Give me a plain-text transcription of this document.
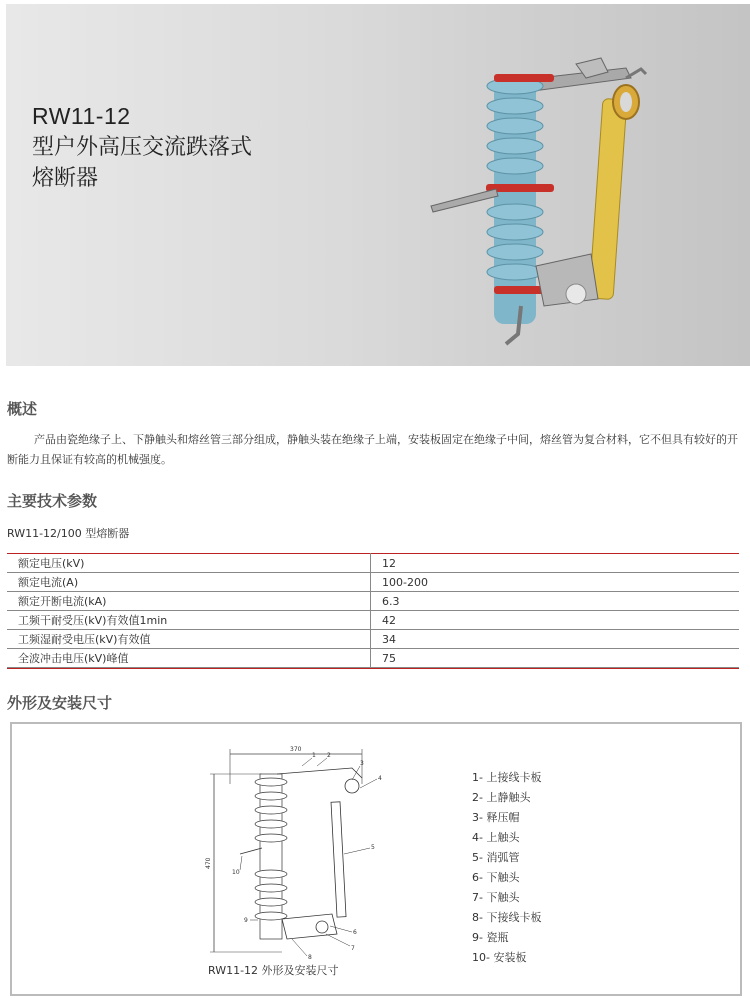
RW11-12
型户外高压交流跌落式
熔断器
概述
产品由瓷绝缘子上、下静触头和熔丝管三部分组成，静触头装在绝缘子上端，安装板固定在绝缘子中间，熔丝管为复合材料，它不但具有较好的开断能力且保证有较高的机械强度。
主要技术参数
RW11-12/100 型熔断器
额定电压(kV)	12
额定电流(A)	100-200
额定开断电流(kA)	6.3
工频干耐受压(kV)有效值1min	42
工频湿耐受电压(kV)有效值	34
全波冲击电压(kV)峰值	75
外形及安装尺寸
370
470
1 2
3
4
5
6
7
8
9
10
RW11-12 外形及安装尺寸
1- 上接线卡板
2- 上静触头
3- 释压帽
4- 上触头
5- 消弧管
6- 下触头
7- 下触头
8- 下接线卡板
9- 瓷瓶
10- 安装板
